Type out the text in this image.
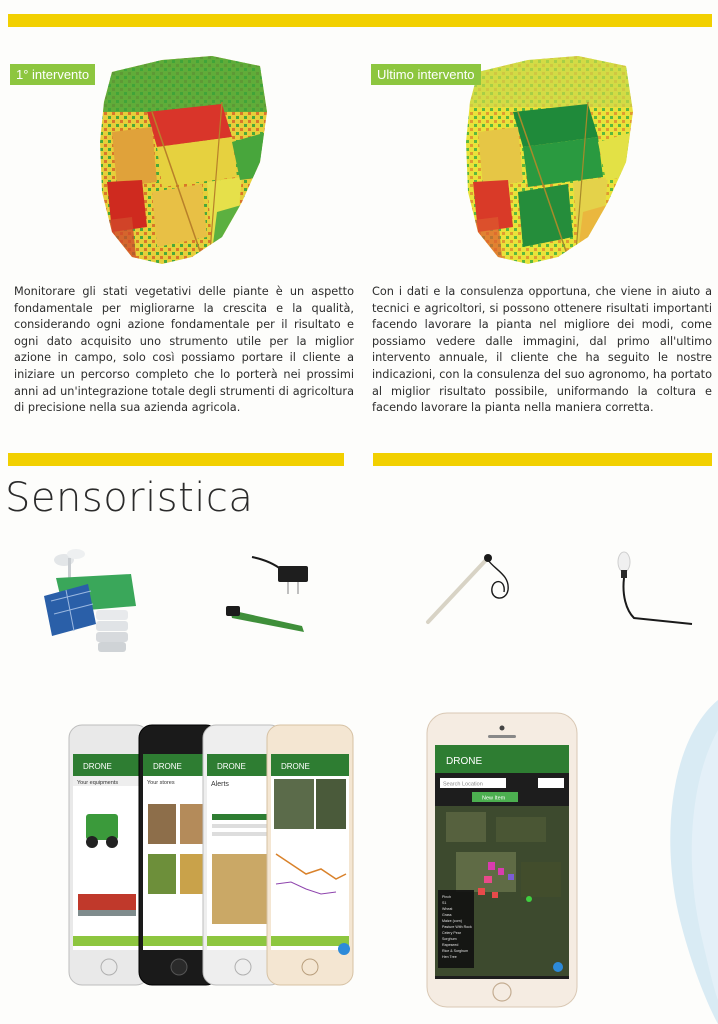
1° intervento	Ultimo intervento

Monitorare gli stati vegetativi delle piante è un aspetto fondamentale per migliorarne la crescita e la qualità, considerando ogni azione fondamentale per il risultato e ogni dato acquisito uno strumento utile per la miglior azione in campo, solo così possiamo portare il cliente a iniziare un percorso completo che lo porterà nei prossimi anni ad un'integrazione totale degli strumenti di agricoltura di precisione nella sua azienda agricola.

Con i dati e la consulenza opportuna, che viene in aiuto a tecnici e agricoltori, si possono ottenere risultati importanti facendo lavorare la pianta nel migliore dei modi, come possiamo vedere dalle immagini, dal primo all'ultimo intervento annuale, il cliente che ha seguito le nostre indicazioni, con la consulenza del suo agronomo, ha portato al miglior risultato possibile, uniformando la coltura e facendo lavorare la pianta nella maniera corretta.

Sensoristica
DRONE
Your equipments
DRONE
Your stores
DRONE
Alerts
DRONE	DRONE
Search Location
New Item
Pinch
S1
Wheat
Grass
Maize (corn)
Pasture With Rock
Celery Pear
Sorghum
Rapeseed
Rice & Sorghum
Hen Tree
